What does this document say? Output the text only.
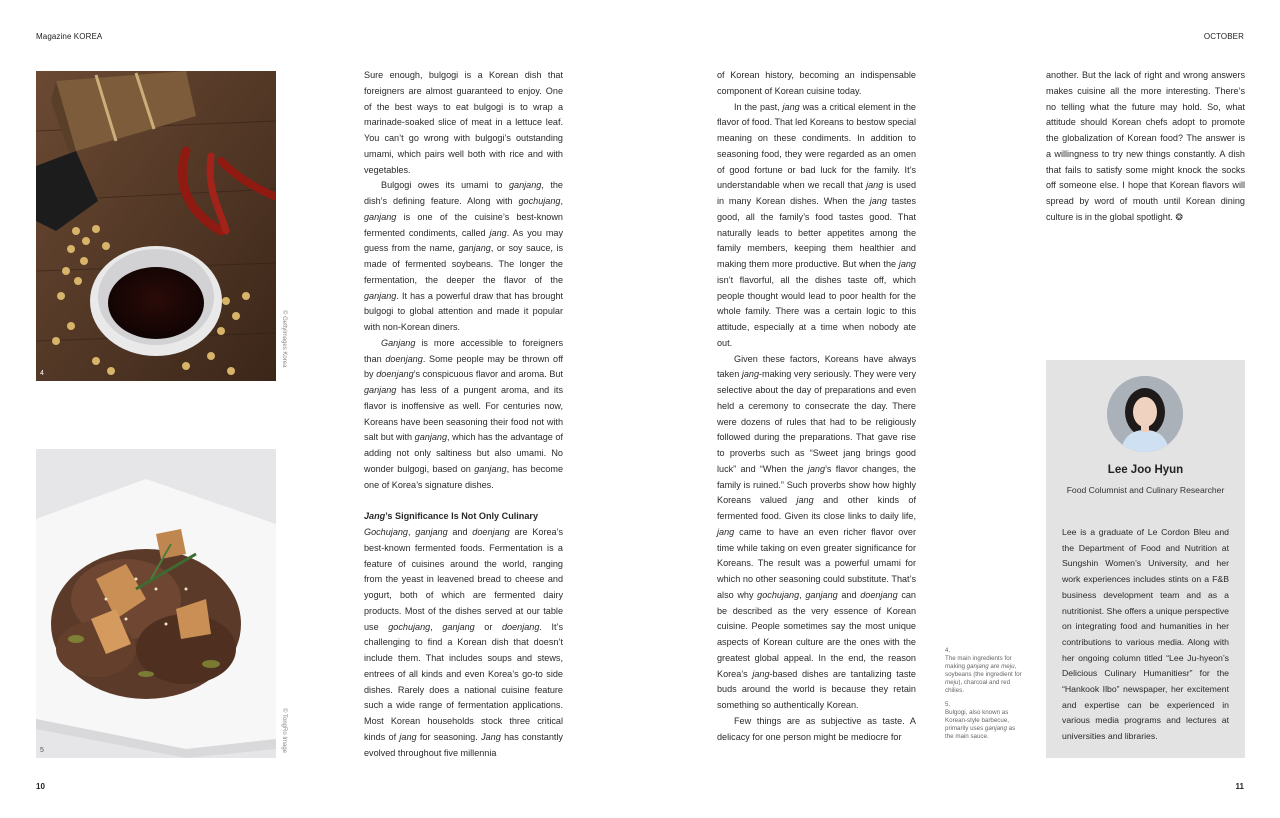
Magazine KOREA	OCTOBER
4
© Gettyimages Korea
5	© TongRo Image

Sure enough, bulgogi is a Korean dish that foreigners are almost guaranteed to enjoy. One of the best ways to eat bulgogi is to wrap a marinade-soaked slice of meat in a lettuce leaf. You can’t go wrong with bulgogi’s outstanding umami, which pairs well both with rice and with vegetables.

Bulgogi owes its umami to ganjang, the dish’s defining feature. Along with gochujang, ganjang is one of the cuisine’s best-known fermented condiments, called jang. As you may guess from the name, ganjang, or soy sauce, is made of fermented soybeans. The longer the fermentation, the deeper the flavor of the ganjang. It has a powerful draw that has brought bulgogi to global attention and made it popular with non-Korean diners.

Ganjang is more accessible to foreigners than doenjang. Some people may be thrown off by doenjang’s conspicuous flavor and aroma. But ganjang has less of a pungent aroma, and its flavor is inoffensive as well. For centuries now, Koreans have been seasoning their food not with salt but with ganjang, which has the advantage of adding not only saltiness but also umami. No wonder bulgogi, based on ganjang, has become one of Korea’s signature dishes.

Jang’s Significance Is Not Only Culinary

Gochujang, ganjang and doenjang are Korea’s best-known fermented foods. Fermentation is a feature of cuisines around the world, ranging from the yeast in leavened bread to cheese and yogurt, both of which are fermented dairy products. Most of the dishes served at our table use gochujang, ganjang or doenjang. It’s challenging to find a Korean dish that doesn’t include them. That includes soups and stews, entrees of all kinds and even Korea’s go-to side dishes. Rarely does a national cuisine feature such a wide range of fermentation applications. Most Korean households stock three critical kinds of jang for seasoning. Jang has constantly evolved throughout five millennia

of Korean history, becoming an indispensable component of Korean cuisine today.

In the past, jang was a critical element in the flavor of food. That led Koreans to bestow special meaning on these condiments. In addition to seasoning food, they were regarded as an omen of good fortune or bad luck for the family. It’s understandable when we recall that jang is used in many Korean dishes. When the jang tastes good, all the family’s food tastes good. That naturally leads to better appetites among the family members, keeping them healthier and making them more productive. But when the jang isn’t flavorful, all the dishes taste off, which people thought would lead to poor health for the whole family. There was a certain logic to this attitude, especially at a time when nobody ate out.

Given these factors, Koreans have always taken jang-making very seriously. They were very selective about the day of preparations and even held a ceremony to consecrate the day. There were dozens of rules that had to be religiously followed during the preparations. That gave rise to proverbs such as “Sweet jang brings good luck” and “When the jang’s flavor changes, the family is ruined.” Such proverbs show how highly Koreans valued jang and other kinds of fermented food. Given its close links to daily life, jang came to have an even richer flavor over time while taking on even greater significance for Koreans. The result was a powerful umami for which no other seasoning could substitute. That’s also why gochujang, ganjang and doenjang can be described as the very essence of Korean cuisine. People sometimes say the most unique aspects of Korean culture are the ones with the greatest global appeal. In the end, the reason Korea’s jang-based dishes are tantalizing taste buds around the world is because they retain something so authentically Korean.

Few things are as subjective as taste. A delicacy for one person might be mediocre for

4.
The main ingredients for making ganjang are meju, soybeans (the ingredient for meju), charcoal and red chilies.

5.
Bulgogi, also known as Korean-style barbecue, primarily uses ganjang as the main sauce.

another. But the lack of right and wrong answers makes cuisine all the more interesting. There’s no telling what the future may hold. So, what attitude should Korean chefs adopt to promote the globalization of Korean food? The answer is a willingness to try new things constantly. A dish that fails to satisfy some might knock the socks off someone else. I hope that Korean flavors will spread by word of mouth until Korean dining culture is in the global spotlight. ❂

Lee Joo Hyun
Food Columnist and Culinary Researcher
Lee is a graduate of Le Cordon Bleu and the Department of Food and Nutrition at Sungshin Women’s University, and her work experiences includes stints on a F&B business development team and as a nutritionist. She offers a unique perspective on integrating food and humanities in her contributions to various media. Along with her ongoing column titled “Lee Ju-hyeon’s Delicious Culinary Humanitiesr” for the “Hankook Ilbo” newspaper, her excitement and expertise can be experienced in various media programs and lectures at universities and libraries.
10	11
